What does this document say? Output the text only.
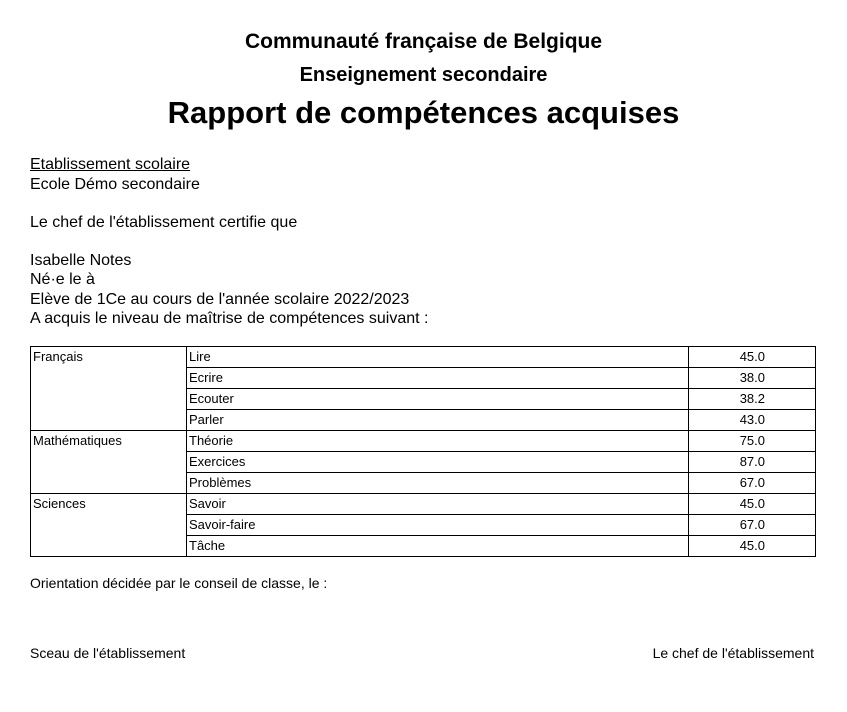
Communauté française de Belgique
Enseignement secondaire
Rapport de compétences acquises
Etablissement scolaire
Ecole Démo secondaire
Le chef de l'établissement certifie que
Isabelle Notes
Né·e le à
Elève de 1Ce au cours de l'année scolaire 2022/2023
A acquis le niveau de maîtrise de compétences suivant :
Français	Lire	45.0
	Ecrire	38.0
	Ecouter	38.2
	Parler	43.0
Mathématiques	Théorie	75.0
	Exercices	87.0
	Problèmes	67.0
Sciences	Savoir	45.0
	Savoir-faire	67.0
	Tâche	45.0
Orientation décidée par le conseil de classe, le :
Sceau de l'établissement	Le chef de l'établissement
